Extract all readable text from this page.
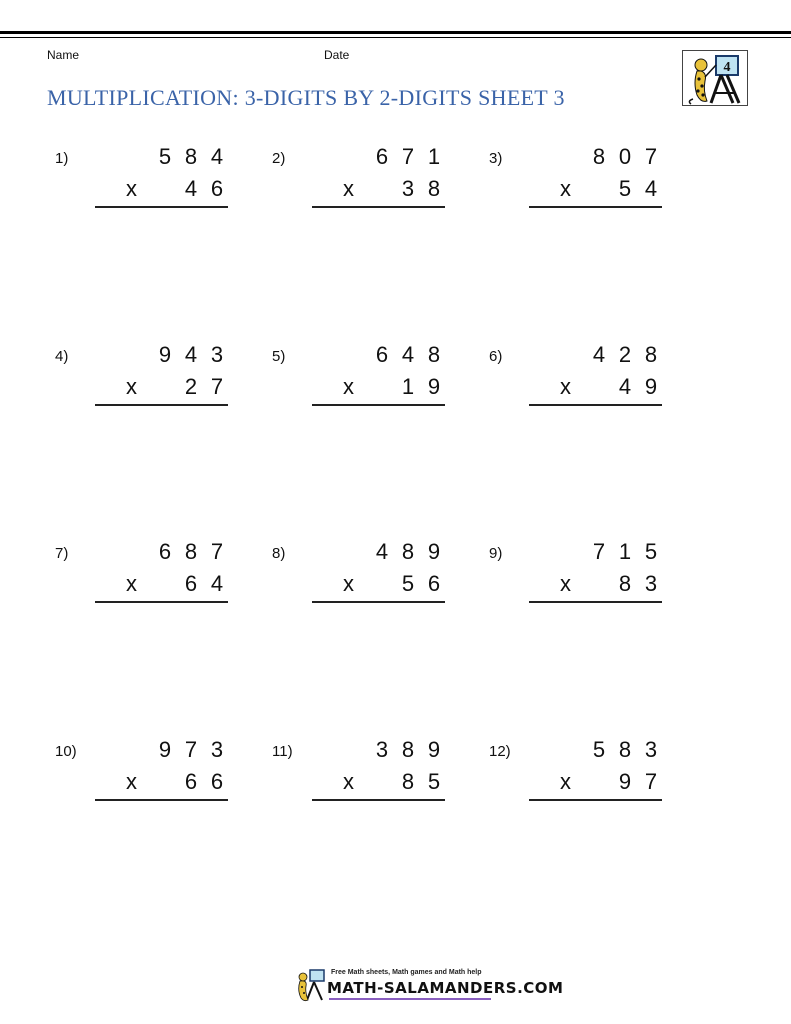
Name	Date
MULTIPLICATION: 3-DIGITS BY 2-DIGITS SHEET 3
4
1)	5 8 4
x 4 6
2)	6 7 1
x 3 8
3)	8 0 7
x 5 4
4)	9 4 3
x 2 7
5)	6 4 8
x 1 9
6)	4 2 8
x 4 9
7)	6 8 7
x 6 4
8)	4 8 9
x 5 6
9)	7 1 5
x 8 3
10)	9 7 3
x 6 6
11)	3 8 9
x 8 5
12)	5 8 3
x 9 7
Free Math sheets, Math games and Math help
MATH-SALAMANDERS.COM
